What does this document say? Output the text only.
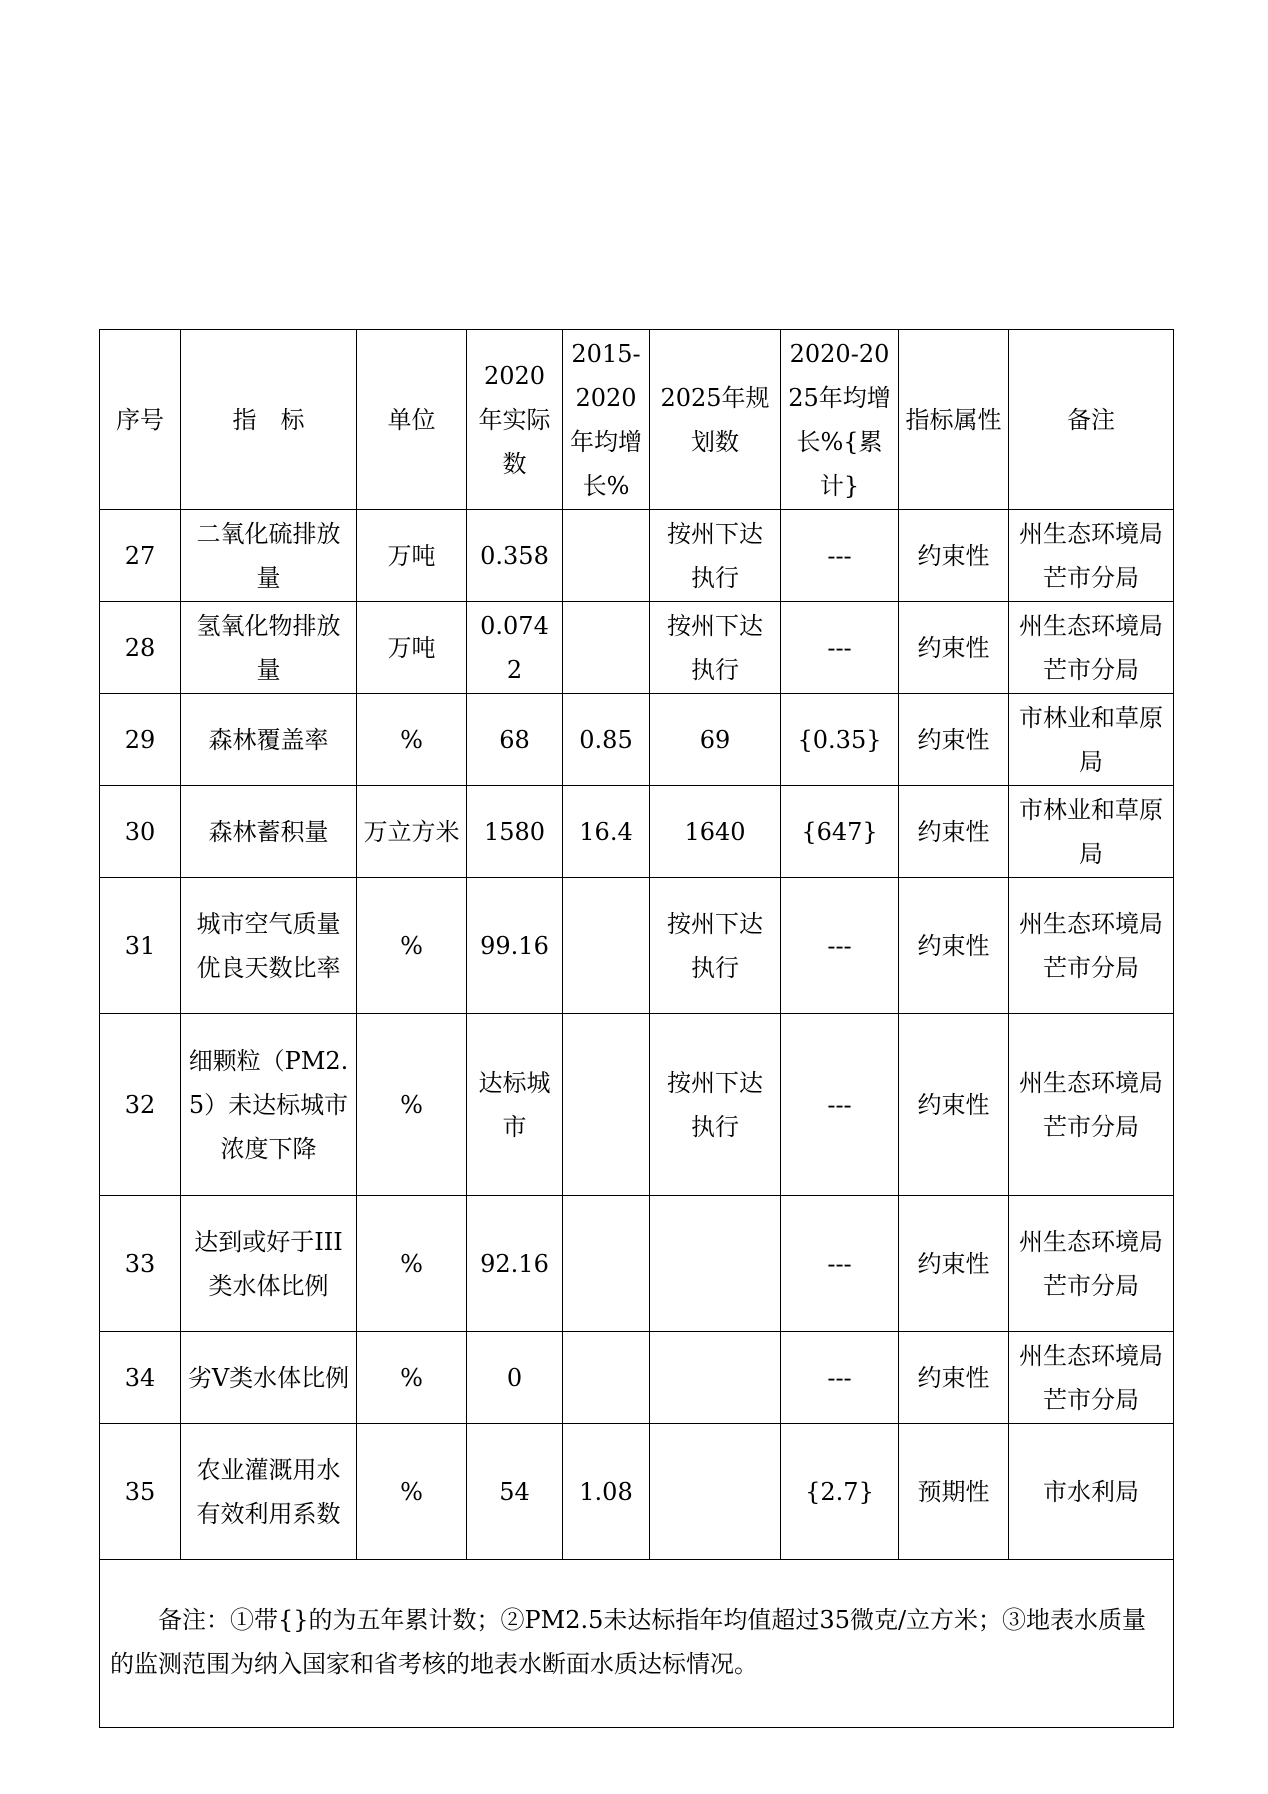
序号	指　标	单位	2020年实际数	2015-2020年均增长%	2025年规划数	2020-2025年均增长%{累计}	指标属性	备注
27	二氧化硫排放量	万吨	0.358		按州下达执行	---	约束性	州生态环境局芒市分局
28	氢氧化物排放量	万吨	0.0742		按州下达执行	---	约束性	州生态环境局芒市分局
29	森林覆盖率	%	68	0.85	69	{0.35}	约束性	市林业和草原局
30	森林蓄积量	万立方米	1580	16.4	1640	{647}	约束性	市林业和草原局
31	城市空气质量优良天数比率	%	99.16		按州下达执行	---	约束性	州生态环境局芒市分局
32	细颗粒（PM2.5）未达标城市浓度下降	%	达标城市		按州下达执行	---	约束性	州生态环境局芒市分局
33	达到或好于III类水体比例	%	92.16			---	约束性	州生态环境局芒市分局
34	劣V类水体比例	%	0			---	约束性	州生态环境局芒市分局
35	农业灌溉用水有效利用系数	%	54	1.08		{2.7}	预期性	市水利局

备注：①带{}的为五年累计数；②PM2.5未达标指年均值超过35微克/立方米；③地表水质量的监测范围为纳入国家和省考核的地表水断面水质达标情况。								
